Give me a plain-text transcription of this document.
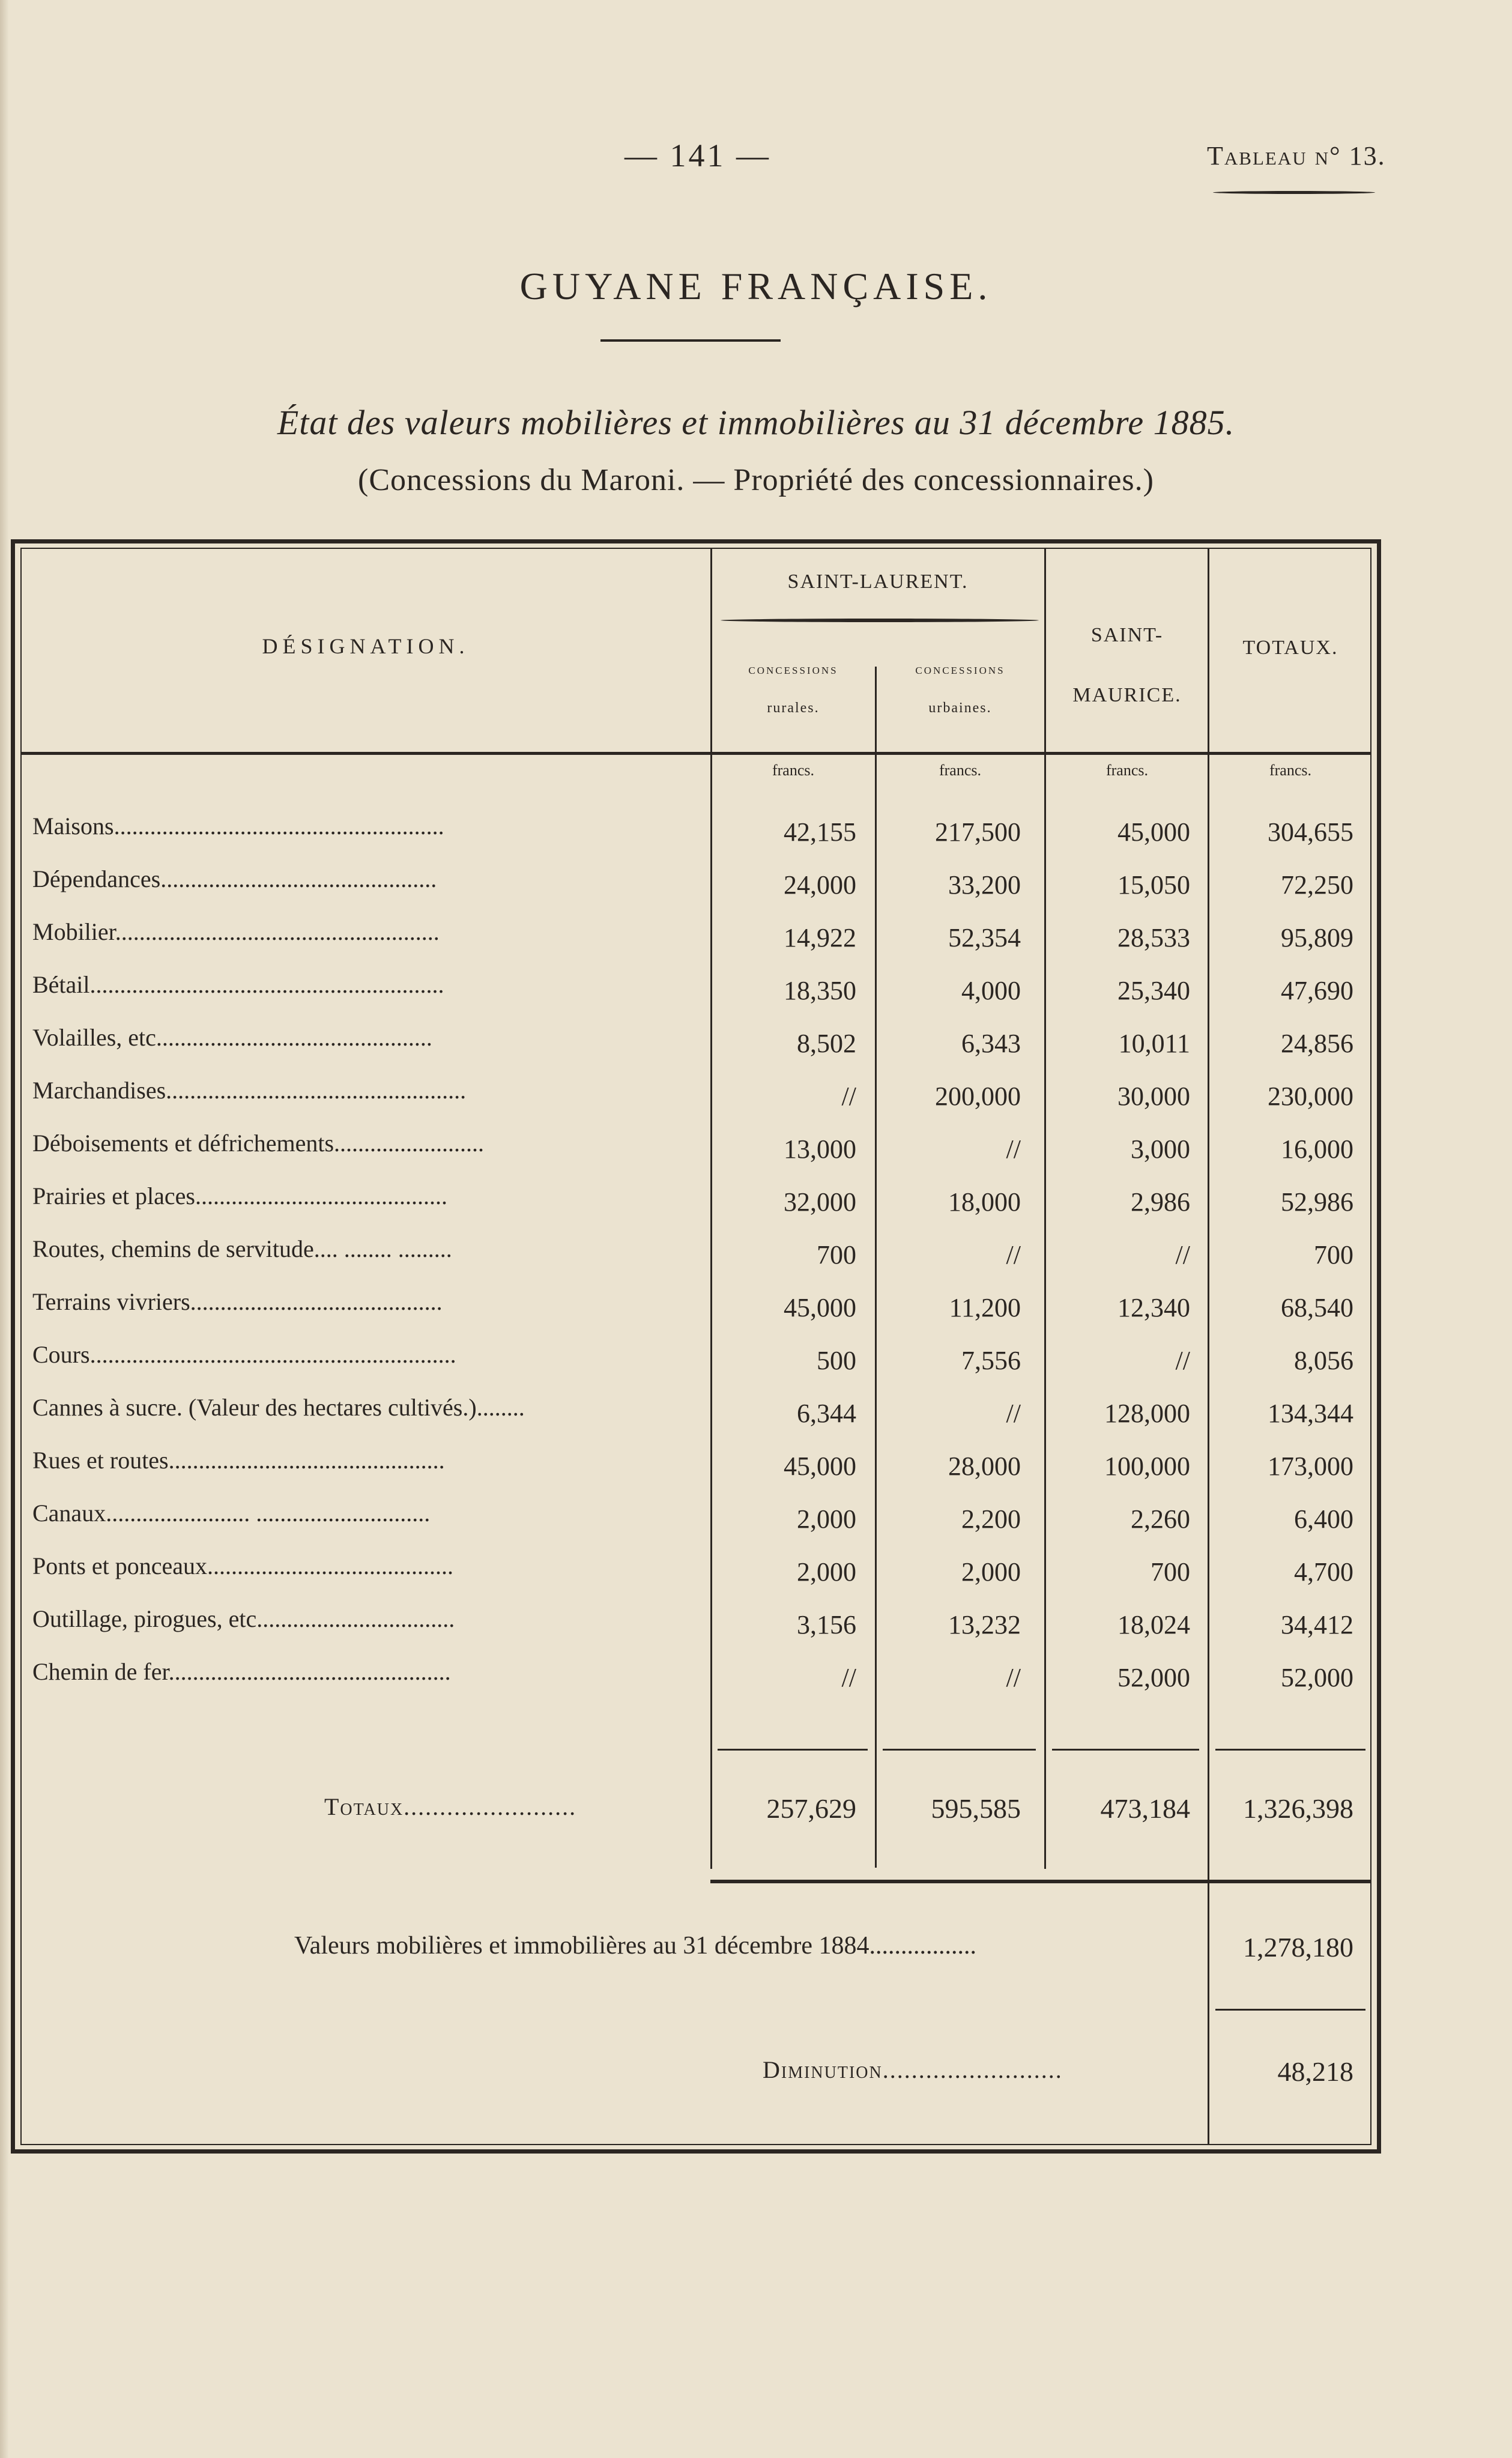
— 141 —	Tableau n° 13.
GUYANE FRANÇAISE.
État des valeurs mobilières et immobilières au 31 décembre 1885.
(Concessions du Maroni. — Propriété des concessionnaires.)
DÉSIGNATION.
SAINT-LAURENT.
concessions
rurales.
concessions
urbaines.
SAINT-
MAURICE.
TOTAUX.
francs.	francs.	francs.	francs.
Maisons.......................................................	42,155	217,500	45,000	304,655
Dépendances..............................................	24,000	33,200	15,050	72,250
Mobilier......................................................	14,922	52,354	28,533	95,809
Bétail...........................................................	18,350	4,000	25,340	47,690
Volailles, etc..............................................	8,502	6,343	10,011	24,856
Marchandises..................................................	//	200,000	30,000	230,000
Déboisements et défrichements.........................	13,000	//	3,000	16,000
Prairies et places..........................................	32,000	18,000	2,986	52,986
Routes, chemins de servitude.... ........ .........	700	//	//	700
Terrains vivriers..........................................	45,000	11,200	12,340	68,540
Cours.............................................................	500	7,556	//	8,056
Cannes à sucre. (Valeur des hectares cultivés.)........	6,344	//	128,000	134,344
Rues et routes..............................................	45,000	28,000	100,000	173,000
Canaux........................ .............................	2,000	2,200	2,260	6,400
Ponts et ponceaux.........................................	2,000	2,000	700	4,700
Outillage, pirogues, etc.................................	3,156	13,232	18,024	34,412
Chemin de fer...............................................	//	//	52,000	52,000
Totaux........................	257,629	595,585	473,184	1,326,398
Valeurs mobilières et immobilières au 31 décembre 1884.................	1,278,180
Diminution.........................	48,218
